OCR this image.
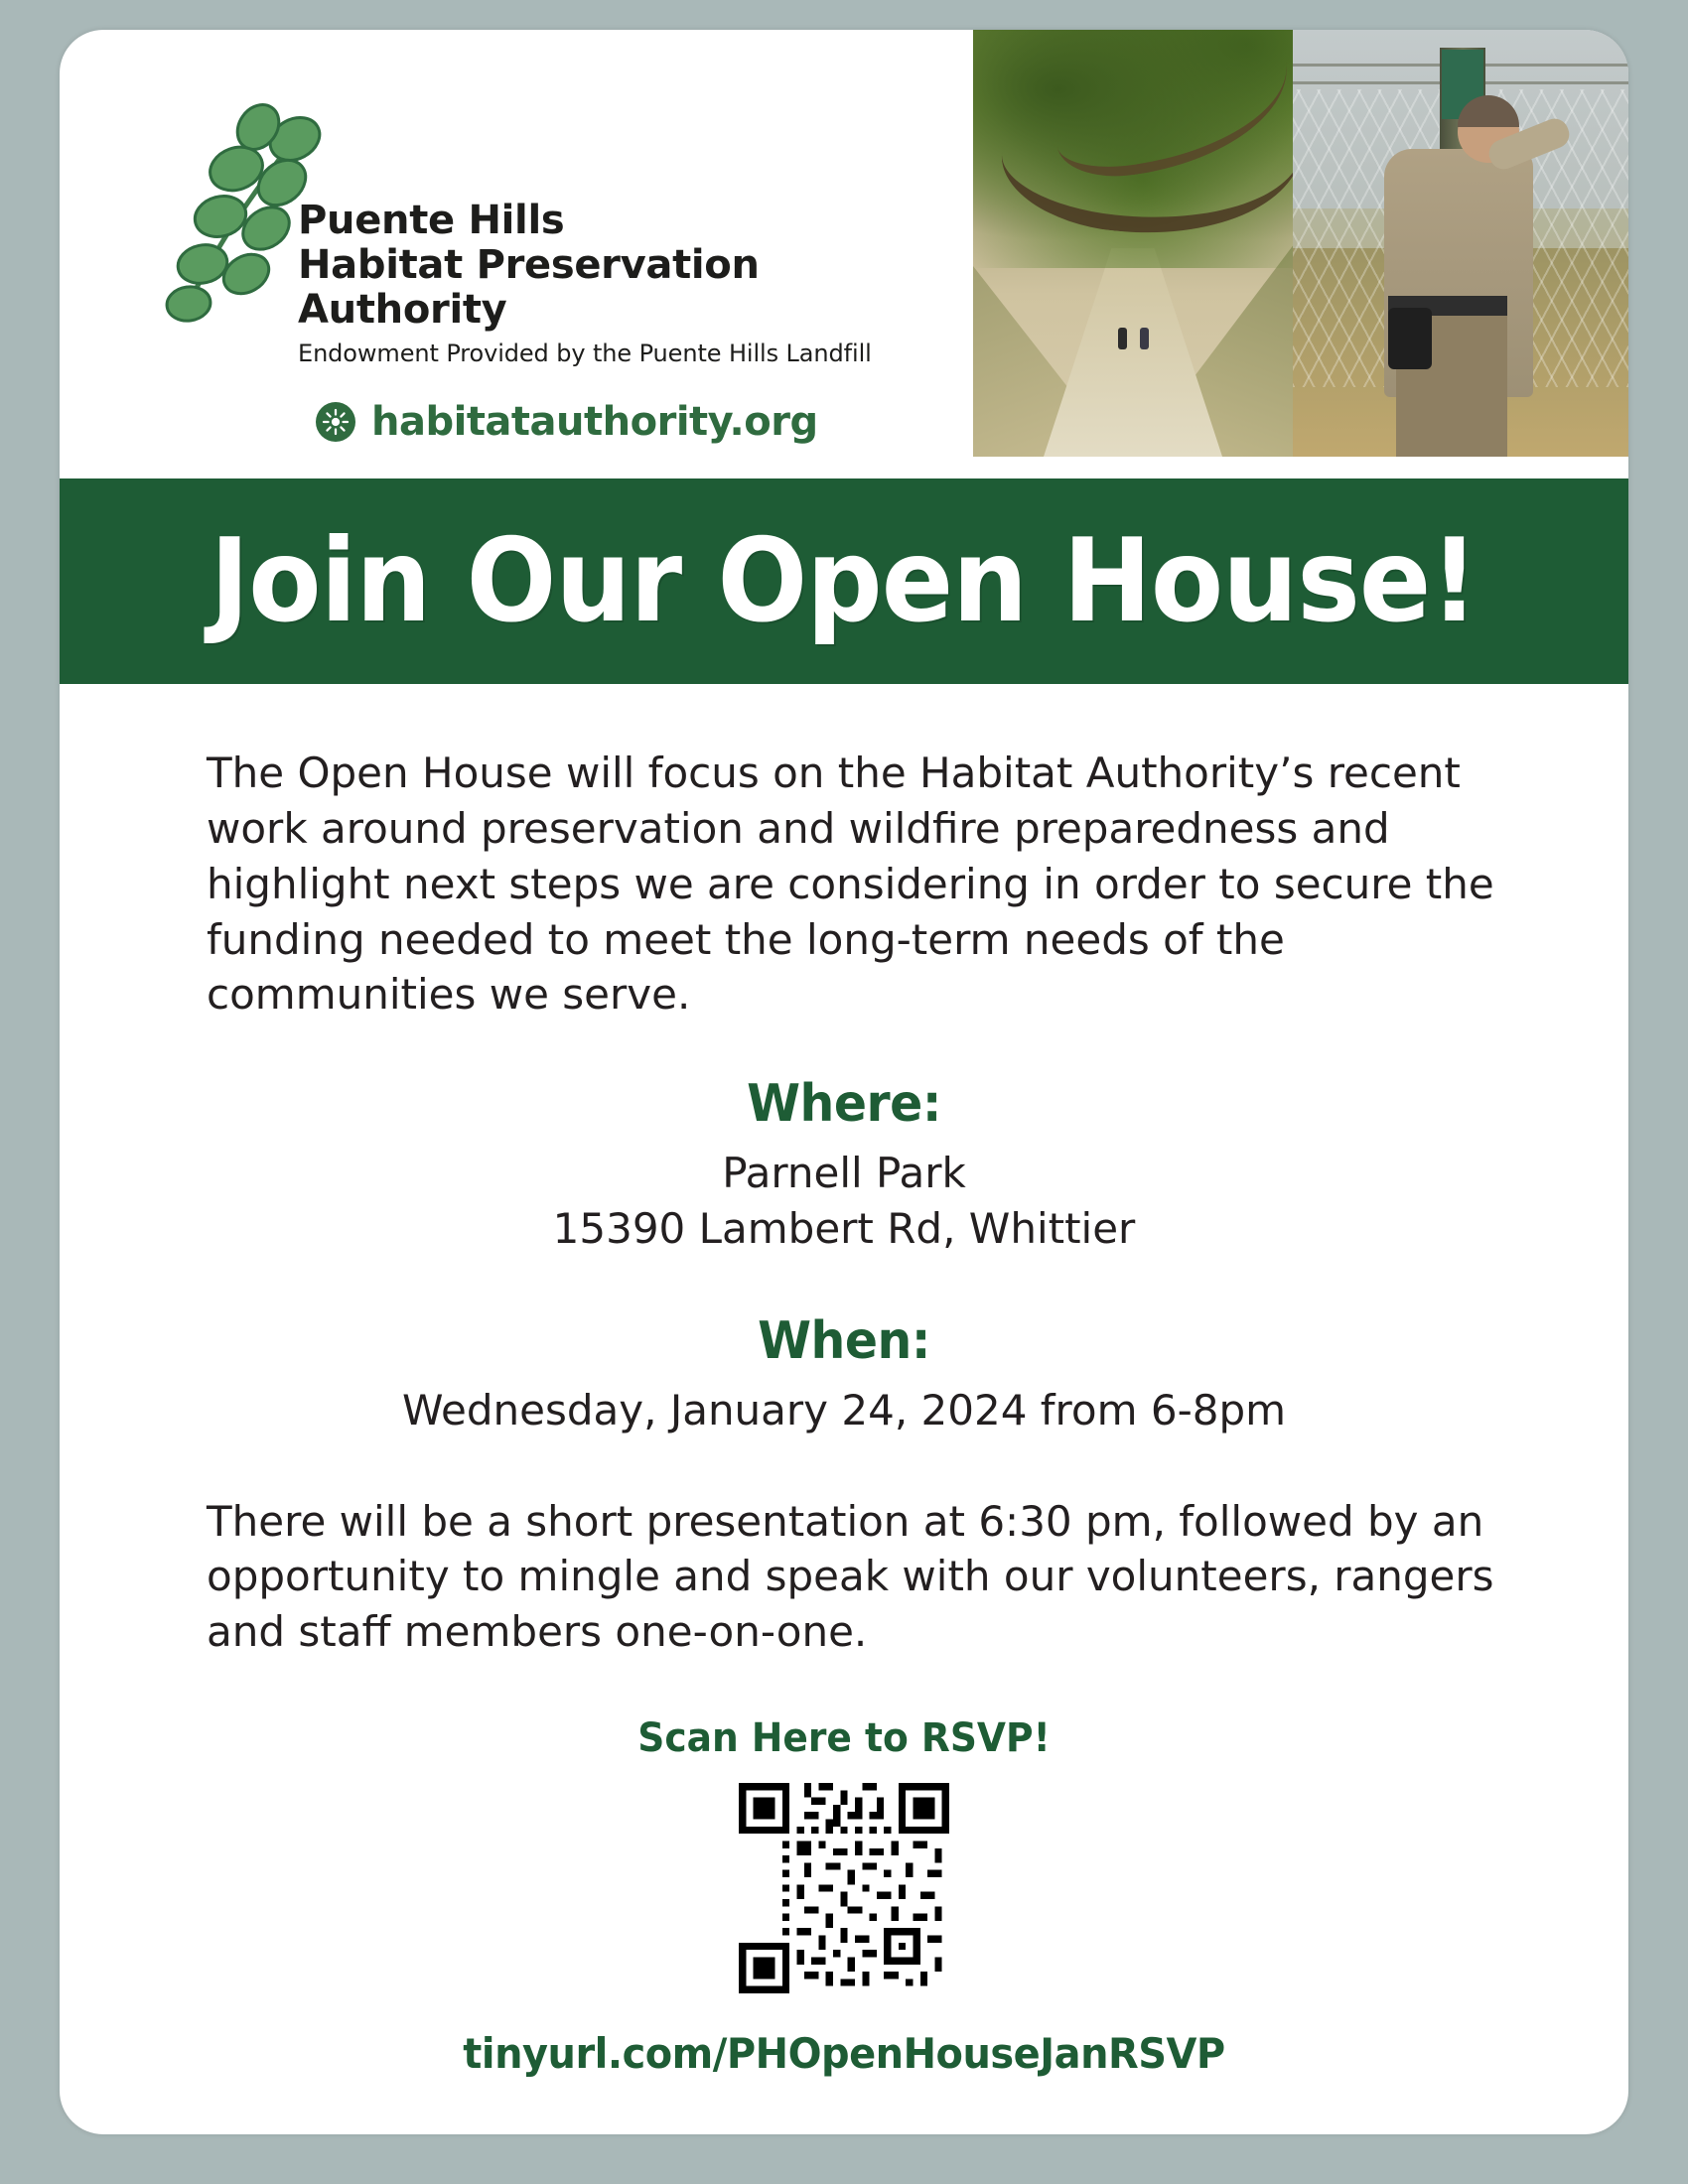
Puente Hills
Habitat Preservation Authority
Endowment Provided by the Puente Hills Landfill
habitatauthority.org
Join Our Open House!

The Open House will focus on the Habitat Authority’s recent work around preservation and wildfire preparedness and highlight next steps we are considering in order to secure the funding needed to meet the long-term needs of the communities we serve.

Where:
Parnell Park
15390 Lambert Rd, Whittier
When:
Wednesday, January 24, 2024 from 6-8pm

There will be a short presentation at 6:30 pm, followed by an opportunity to mingle and speak with our volunteers, rangers and staff members one-on-one.

Scan Here to RSVP!
tinyurl.com/PHOpenHouseJanRSVP
